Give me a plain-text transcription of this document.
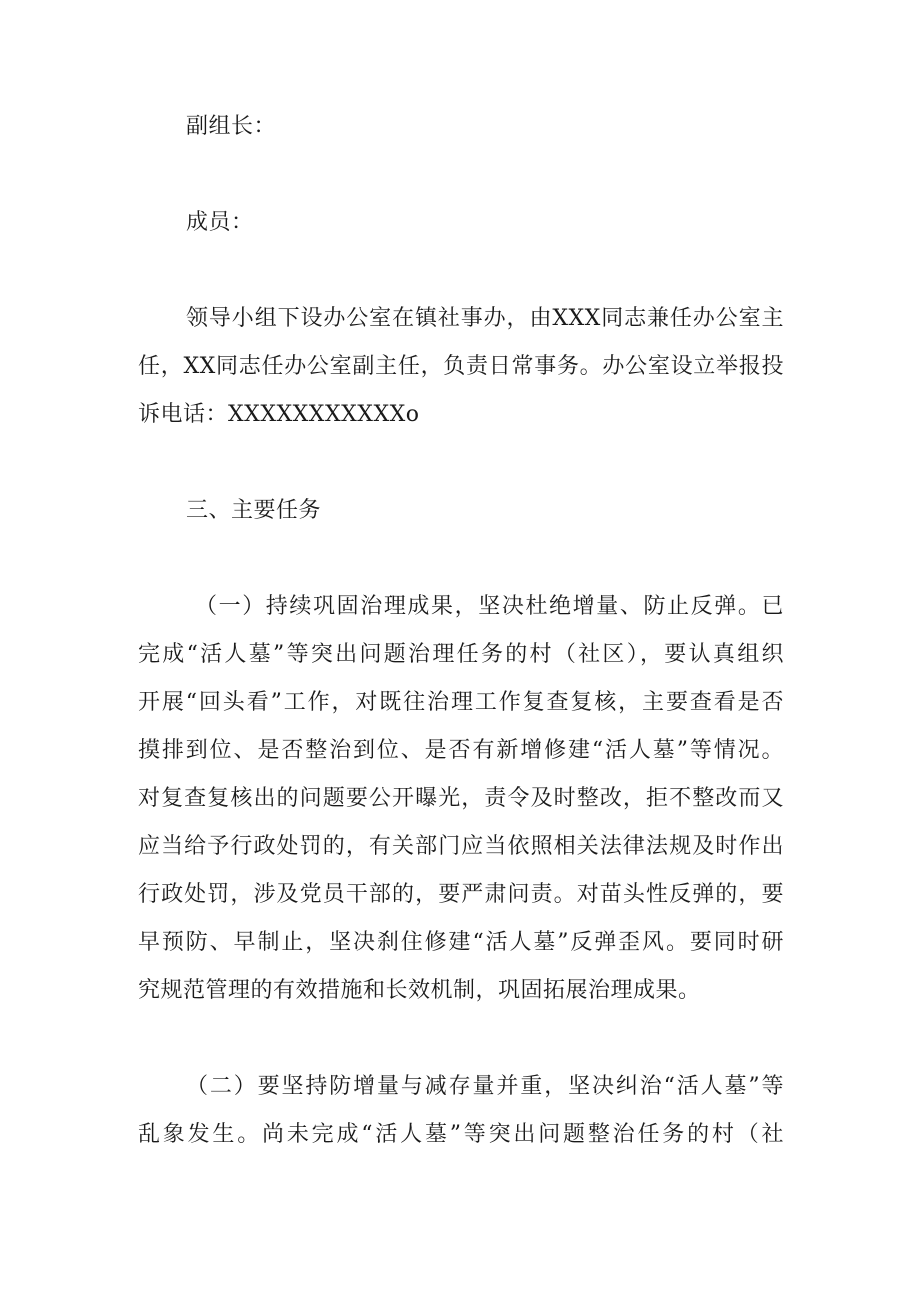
副组长：
成员：
领导小组下设办公室在镇社事办，由XXX同志兼任办公室主
任，XX同志任办公室副主任，负责日常事务。办公室设立举报投
诉电话：XXXXXXXXXXXo
三、主要任务
（一）持续巩固治理成果，坚决杜绝增量、防止反弹。已
完成“活人墓”等突出问题治理任务的村（社区），要认真组织
开展“回头看”工作，对既往治理工作复查复核，主要查看是否
摸排到位、是否整治到位、是否有新增修建“活人墓”等情况。
对复查复核出的问题要公开曝光，责令及时整改，拒不整改而又
应当给予行政处罚的，有关部门应当依照相关法律法规及时作出
行政处罚，涉及党员干部的，要严肃问责。对苗头性反弹的，要
早预防、早制止，坚决刹住修建“活人墓”反弹歪风。要同时研
究规范管理的有效措施和长效机制，巩固拓展治理成果。
（二）要坚持防增量与减存量并重，坚决纠治“活人墓”等
乱象发生。尚未完成“活人墓”等突出问题整治任务的村（社
